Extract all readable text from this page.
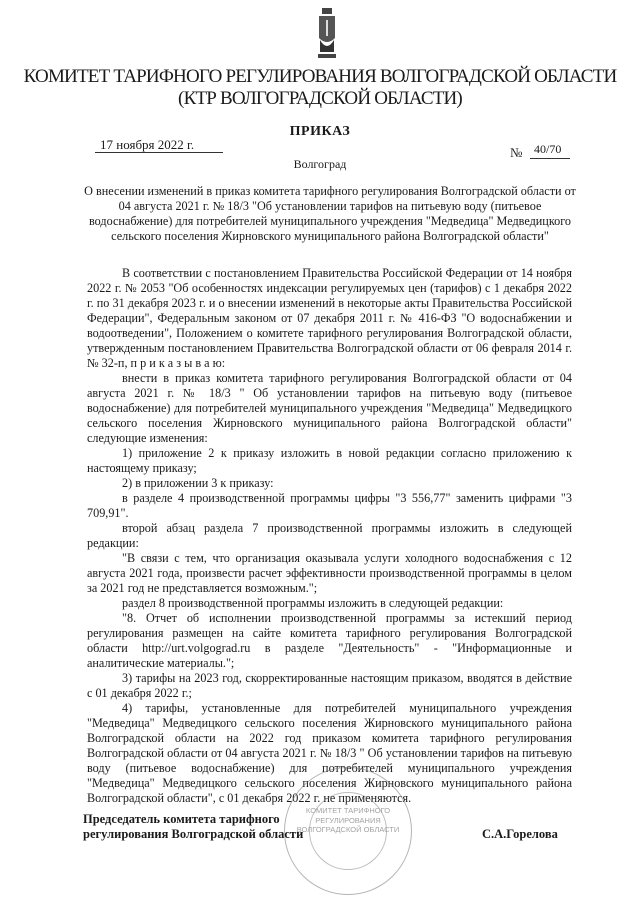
КОМИТЕТ ТАРИФНОГО РЕГУЛИРОВАНИЯ ВОЛГОГРАДСКОЙ ОБЛАСТИ
(КТР ВОЛГОГРАДСКОЙ ОБЛАСТИ)
ПРИКАЗ
17 ноября 2022 г.
№ 40/70
Волгоград
О внесении изменений в приказ комитета тарифного регулирования Волгоградской области от 04 августа 2021 г. № 18/3 "Об установлении тарифов на питьевую воду (питьевое водоснабжение) для потребителей муниципального учреждения "Медведица" Медведицкого сельского поселения Жирновского муниципального района Волгоградской области"

В соответствии с постановлением Правительства Российской Федерации от 14 ноября 2022 г. № 2053 "Об особенностях индексации регулируемых цен (тарифов) с 1 декабря 2022 г. по 31 декабря 2023 г. и о внесении изменений в некоторые акты Правительства Российской Федерации", Федеральным законом от 07 декабря 2011 г. № 416-ФЗ "О водоснабжении и водоотведении", Положением о комитете тарифного регулирования Волгоградской области, утвержденным постановлением Правительства Волгоградской области от 06 февраля 2014 г. № 32-п, п р и к а з ы в а ю:

внести в приказ комитета тарифного регулирования Волгоградской области от 04 августа 2021 г. № 18/3 " Об установлении тарифов на питьевую воду (питьевое водоснабжение) для потребителей муниципального учреждения "Медведица" Медведицкого сельского поселения Жирновского муниципального района Волгоградской области" следующие изменения:

1) приложение 2 к приказу изложить в новой редакции согласно приложению к настоящему приказу;

2) в приложении 3 к приказу:

в разделе 4 производственной программы цифры "3 556,77" заменить цифрами "3 709,91".

второй абзац раздела 7 производственной программы изложить в следующей редакции:

"В связи с тем, что организация оказывала услуги холодного водоснабжения с 12 августа 2021 года, произвести расчет эффективности производственной программы в целом за 2021 год не представляется возможным.";

раздел 8 производственной программы изложить в следующей редакции:

"8. Отчет об исполнении производственной программы за истекший период регулирования размещен на сайте комитета тарифного регулирования Волгоградской области http://urt.volgograd.ru в разделе "Деятельность" - "Информационные и аналитические материалы.";

3) тарифы на 2023 год, скорректированные настоящим приказом, вводятся в действие с 01 декабря 2022 г.;

4) тарифы, установленные для потребителей муниципального учреждения "Медведица" Медведицкого сельского поселения Жирновского муниципального района Волгоградской области на 2022 год приказом комитета тарифного регулирования Волгоградской области от 04 августа 2021 г. № 18/3 " Об установлении тарифов на питьевую воду (питьевое водоснабжение) для потребителей муниципального учреждения "Медведица" Медведицкого сельского поселения Жирновского муниципального района Волгоградской области", с 01 декабря 2022 г. не применяются.

КОМИТЕТ ТАРИФНОГО РЕГУЛИРОВАНИЯ ВОЛГОГРАДСКОЙ ОБЛАСТИ
Председатель комитета тарифного
регулирования Волгоградской области	С.А.Горелова
